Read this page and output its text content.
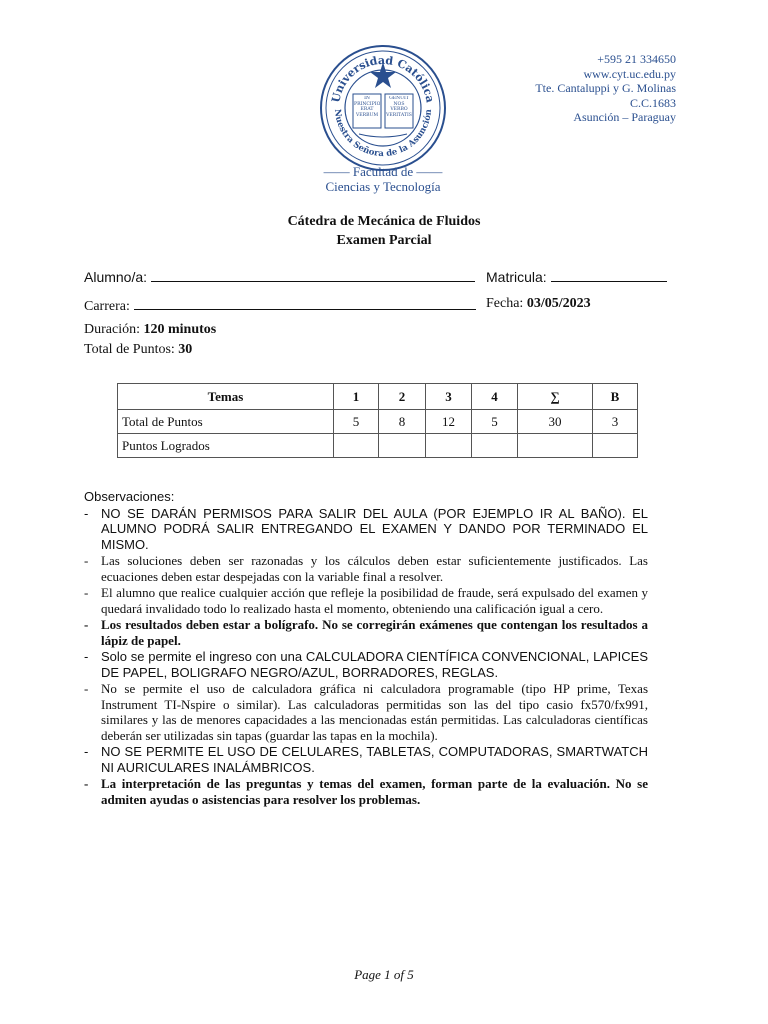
Universidad Católica
Nuestra Señora de la Asunción
IN PRINCIPIO ERAT VERBUM
GENUIT NOS VERBO VERITATIS
—— Facultad de ——
Ciencias y Tecnología
+595 21 334650
www.cyt.uc.edu.py
Tte. Cantaluppi y G. Molinas
C.C.1683
Asunción – Paraguay
Cátedra de Mecánica de Fluidos
Examen Parcial
Alumno/a:	Matricula:
Carrera:	Fecha: 03/05/2023
Duración: 120 minutos
Total de Puntos: 30
Temas	1	2	3	4	∑	B
Total de Puntos	5	8	12	5	30	3
Puntos Logrados						
Observaciones:
- NO SE DARÁN PERMISOS PARA SALIR DEL AULA (POR EJEMPLO IR AL BAÑO). EL ALUMNO PODRÁ SALIR ENTREGANDO EL EXAMEN Y DANDO POR TERMINADO EL MISMO.
- Las soluciones deben ser razonadas y los cálculos deben estar suficientemente justificados. Las ecuaciones deben estar despejadas con la variable final a resolver.
- El alumno que realice cualquier acción que refleje la posibilidad de fraude, será expulsado del examen y quedará invalidado todo lo realizado hasta el momento, obteniendo una calificación igual a cero.
- Los resultados deben estar a bolígrafo. No se corregirán exámenes que contengan los resultados a lápiz de papel.
- Solo se permite el ingreso con una CALCULADORA CIENTÍFICA CONVENCIONAL, LAPICES DE PAPEL, BOLIGRAFO NEGRO/AZUL, BORRADORES, REGLAS.
- No se permite el uso de calculadora gráfica ni calculadora programable (tipo HP prime, Texas Instrument TI-Nspire o similar). Las calculadoras permitidas son las del tipo casio fx570/fx991, similares y las de menores capacidades a las mencionadas están permitidas. Las calculadoras científicas deberán ser utilizadas sin tapas (guardar las tapas en la mochila).
- NO SE PERMITE EL USO DE CELULARES, TABLETAS, COMPUTADORAS, SMARTWATCH NI AURICULARES INALÁMBRICOS.
- La interpretación de las preguntas y temas del examen, forman parte de la evaluación. No se admiten ayudas o asistencias para resolver los problemas.
Page 1 of 5
